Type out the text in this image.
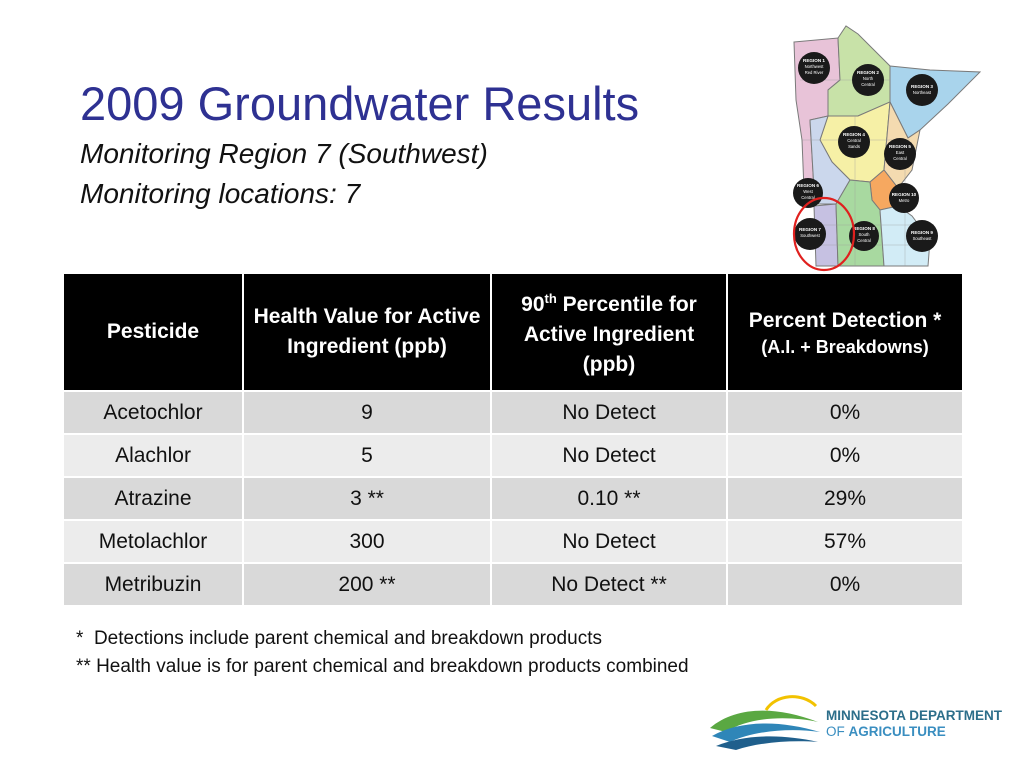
2009 Groundwater Results
Monitoring Region 7 (Southwest)
Monitoring locations: 7
REGION 1
Northwest
Red River	REGION 2
North
Central	REGION 3
Northeast
REGION 4
Central
Sands	REGION 5
East
Central
REGION 6
West
Central
REGION 7
Southwest
REGION 8
South
Central
REGION 9
Southeast
REGION 10
Metro
Pesticide	Health Value for Active Ingredient (ppb)	90th Percentile for Active Ingredient (ppb)	Percent Detection *
(A.I. + Breakdowns)

Acetochlor	9	No Detect	0%
Alachlor	5	No Detect	0%
Atrazine	3 **	0.10 **	29%
Metolachlor	300	No Detect	57%
Metribuzin	200 **	No Detect **	0%
*  Detections include parent chemical and breakdown products
** Health value is for parent chemical and breakdown products combined
MINNESOTA DEPARTMENT
OF AGRICULTURE
